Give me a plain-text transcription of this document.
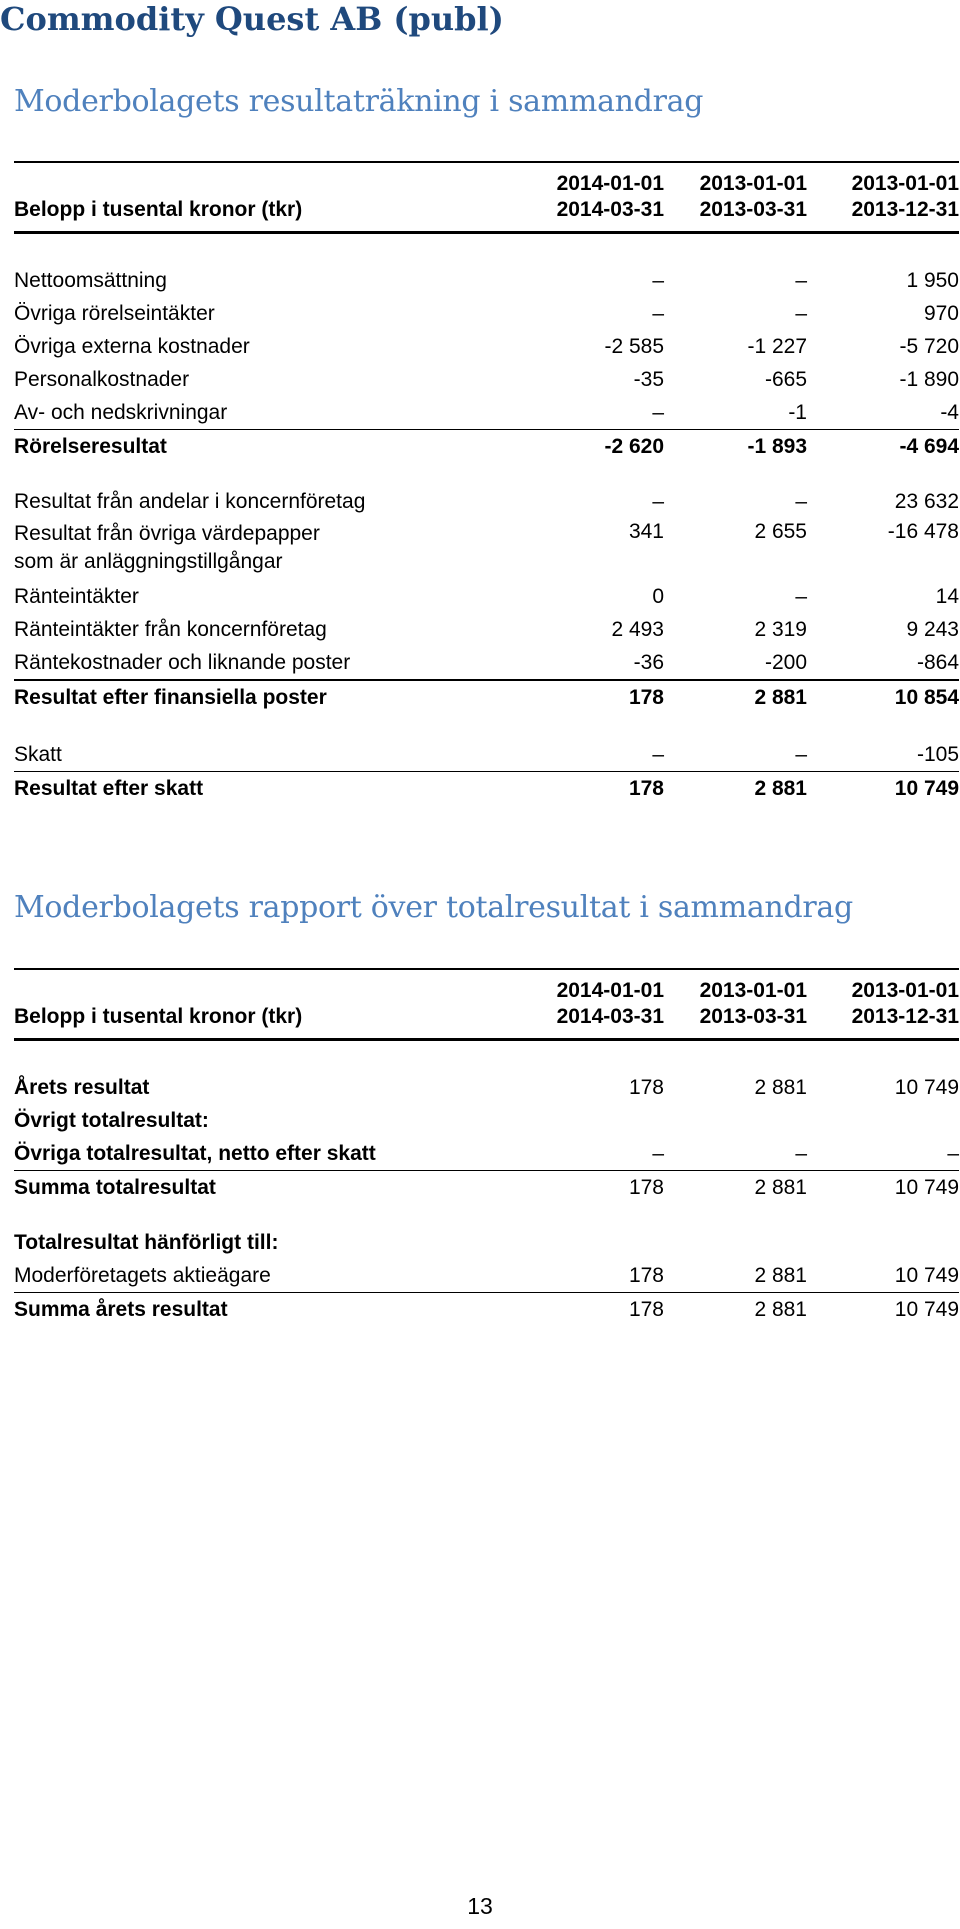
Commodity Quest AB (publ)
Moderbolagets resultaträkning i sammandrag
	2014-01-01	2013-01-01	2013-01-01
Belopp i tusental kronor (tkr)	2014-03-31	2013-03-31	2013-12-31

Nettoomsättning	–	–	1 950
Övriga rörelseintäkter	–	–	970
Övriga externa kostnader	-2 585	-1 227	-5 720
Personalkostnader	-35	-665	-1 890
Av- och nedskrivningar	–	-1	-4
Rörelseresultat	-2 620	-1 893	-4 694

Resultat från andelar i koncernföretag	–	–	23 632
Resultat från övriga värdepapper som är anläggningstillgångar	341	2 655	-16 478
Ränteintäkter	0	–	14
Ränteintäkter från koncernföretag	2 493	2 319	9 243
Räntekostnader och liknande poster	-36	-200	-864
Resultat efter finansiella poster	178	2 881	10 854

Skatt	–	–	-105
Resultat efter skatt	178	2 881	10 749
Moderbolagets rapport över totalresultat i sammandrag
	2014-01-01	2013-01-01	2013-01-01
Belopp i tusental kronor (tkr)	2014-03-31	2013-03-31	2013-12-31

Årets resultat	178	2 881	10 749
Övrigt totalresultat:			
Övriga totalresultat, netto efter skatt	–	–	–
Summa totalresultat	178	2 881	10 749

Totalresultat hänförligt till:			
Moderföretagets aktieägare	178	2 881	10 749
Summa årets resultat	178	2 881	10 749
13
